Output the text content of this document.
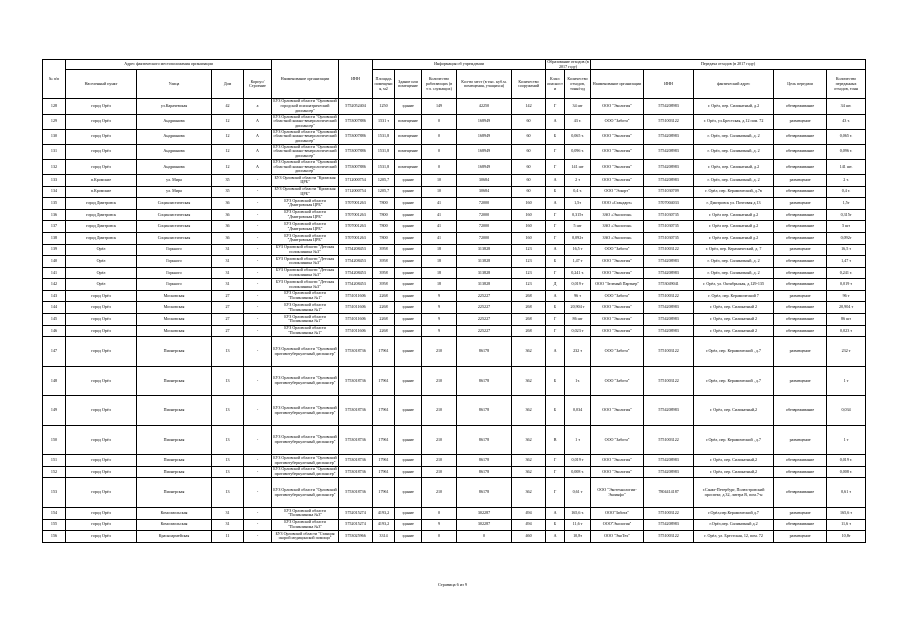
№ п/п	Адрес фактического местоположения организации				Наименование организации	ИНН	Информация об учреждении					Образование отходов (в 2017 году)		Передача отходов (в 2017 году)				
	Населенный пункт	Улица	Дом	Корпус/Строение			Площадь помещения, м2	Здание или помещение	Количество работающих (в т.ч. служащих)	Кол-во мест (в тыс. куб.м. помещения, учащихся)	Количество сооружений	Класс опасности	Количество отходов, тонн/год	Наименование организации	ИНН	фактический адрес	Цель передачи	Количество переданных отходов, тонн
128	город Орёл	ул.Карачевская	42	а	БУЗ Орловской области "Орловский городской психиатрический диспансер"	5752052404	1250	здание	149	42250	142	Г	34 шт	ООО "Экология"	5754208983	г. Орёл, пер. Силикатный, д.2	обезвреживание	34 шт.
129	город Орёл	Андрианова	12	А	БУЗ Орловской области "Орловский областной кожно-венерологический диспансер"	5753007886	1531 т	помещение	0	168949	60	А	43 т.	ООО "Забота"	5751003122	г. Орёл, ул.Брестская, д.12 пом. 72	размещение	43 т.
130	город Орёл	Андрианова	12	А	БУЗ Орловской области "Орловский областной кожно-венерологический диспансер"	5753007886	1531,8	помещение	0	168949	60	Б	0,065 т.	ООО "Экология"	5754208983	г. Орёл, пер. Силикатный, д. 2	обезвреживание	0,065 т.
131	город Орёл	Андрианова	12	А	БУЗ Орловской области "Орловский областной кожно-венерологический диспансер"	5753007886	1531,8	помещение	0	168949	60	Г	0,096 т.	ООО "Экология"	5754208983	г. Орёл, пер. Силикатный, д. 2	обезвреживание	0,096 т.
132	город Орёл	Андрианова	12	А	БУЗ Орловской области "Орловский областной кожно-венерологический диспансер"	5753007886	1531,8	помещение	0	168949	60	Г	141 шт	ООО "Экология"	5754208983	г. Орёл, пер. Силикатный, д.2	обезвреживание	141 шт.
133	п.Кромские	ул. Мира	35	-	БУЗ Орловской области "Кромская ЦРБ"	5712000754	1205,7	здание	10	30684	60	А	2 т	ООО "Экология"	5754208983	г. Орёл, пер. Силикатный, д. 2	размещение	2 т.
134	п.Кромские	ул. Мира	35	-	БУЗ Орловской области "Кромская ЦРБ"	5712000754	1205,7	здание	10	30684	60	Б	0,4 т.	ООО "Эскорт"	5751030709	г. Орёл, пер. Керамический, д.7в	обезвреживание	0,4 т.
135	город Дмитровск	Социалистическая	36	-	БУЗ Орловской области "Дмитровская ЦРБ"	5707001263	7800	здание	41	72000	160	А	1,5т	ООО «Стандарт»	5707004033	г. Дмитровск ул. Почтовая д.13	размещение	1,5т
136	город Дмитровск	Социалистическая	36	-	БУЗ Орловской области "Дмитровская ЦРБ"	5707001263	7800	здание	41	72000	160	Г	0,315т	ЗАО «Экология»	5751030735	г. Орёл пер. Силикатный д.2	обезвреживание	0,315т
137	город Дмитровск	Социалистическая	36	-	БУЗ Орловской области "Дмитровская ЦРБ"	5707001263	7800	здание	41	72000	160	Г	5 шт	ЗАО «Экология»	5751030735	г. Орёл пер. Силикатный д.2	обезвреживание	5 шт
138	город Дмитровск	Социалистическая	36	-	БУЗ Орловской области "Дмитровская ЦРБ"	5707001263	7800	здание	41	72000	160	Г	0,092т	ЗАО «Экология»	5751030735	г. Орёл пер. Силикатный д.2	обезвреживание	0,092т
139	Орёл	Горького	31	-	БУЗ Орловской области "Детская поликлиника №3"	5754208453	3958	здание	18	313828	123	А	16,5 т	ООО "Забота"	5751003122	г. Орёл, пер. Керамический, д. 7	размещение	16,5 т
140	Орёл	Горького	31	-	БУЗ Орловской области "Детская поликлиника №3"	5754208453	3958	здание	18	313828	123	Б	1,47 т	ООО "Экология"	5754208983	г. Орёл, пер. Силикатный, д. 2	обезвреживание	1,47 т
141	Орёл	Горького	31	-	БУЗ Орловской области "Детская поликлиника №3"	5754208453	3958	здание	18	313828	123	Г	0,241 т.	ООО "Экология"	5754208983	г. Орёл, пер. Силикатный, д. 2	обезвреживание	0,241 т.
142	Орёл	Горького	31	-	БУЗ Орловской области "Детская поликлиника №3"	5754208453	3958	здание	18	313828	123	Д	0,019 т	ООО "Зеленый Партнер"	5753049041	г. Орёл, ул. Октябрьская, д.129-135	обезвреживание	0,019 т
143	город Орёл	Московская	27	-	БУЗ Орловской области "Поликлиника №1"	5751011606	2268	здание	9	225227	268	А	96 т	ООО "Забота"	5751003122	г. Орёл, пер. Керамический 7	размещение	96 т
144	город Орёл	Московская	27	-	БУЗ Орловской области "Поликлиника №1"	5751011606	2268	здание	9	225227	268	Б	20,904 т	ООО "Экология"	5754208983	г. Орёл, пер. Силикатный 2	обезвреживание	20,904 т
145	город Орёл	Московская	27	-	БУЗ Орловской области "Поликлиника №1"	5751011606	2268	здание	9	225227	268	Г	86 шт	ООО "Экология"	5754208983	г. Орёл, пер. Силикатный 2	обезвреживание	86 шт
146	город Орёл	Московская	27	-	БУЗ Орловской области "Поликлиника №1"	5751011606	2268	здание	9	225227	268	Г	0,023 т	ООО "Экология"	5754208983	г. Орёл, пер. Силикатный 2	обезвреживание	0,023 т
147	город Орёл	Пионерская	13	-	БУЗ Орловской области "Орловский противотуберкулезный диспансер"	5753018736	17961	здание	210	86178	362	А	232 т	ООО "Забота"	5751003122	г.Орёл, пер. Керамический , д.7	размещение	232 т
148	город Орёл	Пионерская	13	-	БУЗ Орловской области "Орловский противотуберкулезный диспансер"	5753018736	17961	здание	210	86178	362	Б	1т.	ООО "Забота"	5751003122	г.Орёл, пер. Керамический , д.7	размещение	1 т
149	город Орёл	Пионерская	13	-	БУЗ Орловской области "Орловский противотуберкулезный диспансер"	5753018736	17961	здание	210	86178	362	Б	0,034	ООО "Экология"	5754208983	г. Орёл, пер. Силикатный,2	обезвреживание	0,034
150	город Орёл	Пионерская	13	-	БУЗ Орловской области "Орловский противотуберкулезный диспансер"	5753018736	17961	здание	210	86178	362	В	1 т	ООО "Забота"	5751003122	г.Орёл, пер. Керамический , д.7	размещение	1 т
151	город Орёл	Пионерская	13	-	БУЗ Орловской области "Орловский противотуберкулезный диспансер"	5753018736	17961	здание	210	86178	362	Г	0,019 т	ООО "Экология"	5754208983	г. Орёл, пер. Силикатный,2	обезвреживание	0,019 т.
152	город Орёл	Пионерская	13	-	БУЗ Орловской области "Орловский противотуберкулезный диспансер"	5753018736	17961	здание	210	86178	362	Г	0,008 т.	ООО "Экология"	5754208983	г. Орёл, пер. Силикатный,2	обезвреживание	0,008 т.
153	город Орёл	Пионерская	13	-	БУЗ Орловской области "Орловский противотуберкулезный диспансер"	5753018736	17961	здание	210	86178	362	Г	0,61 т	ООО "Экотехнологии-Экоинфо"	7804414187	г.Санкт-Петербург, Полюстровский проспект, д.32, литера В, пом.7-н	обезвреживание	0,61 т
154	город Орёл	Комсомольская	31	-	БУЗ Орловской области "Поликлиника №3"	5752015274	4193,2	здание	0	302287	494	А	165,6 т.	ООО"Забота"	5751003122	г.Орёл,пер.Керамический д.7	размещение	165,6 т
155	город Орёл	Комсомольская	31	-	БУЗ Орловской области "Поликлиника №3"	5752015274	4193,2	здание	9	302287	494	Б	11,6 т	ООО"Экология"	5754208983	г.Орёл,пер. Силикатный д.2	обезвреживание	11,6 т
156	город Орёл	Красноармейская	11	-	БУЗ Орловской области "Станция скорой медицинской помощи"	5753025966	3314	здание	0	0	460	А	10,8т	ООО "ЭкоТех"	5751003122	г. Орёл, ул. Брестская, 12, пом. 72	размещение	10,8т
Страница 6 из 9
